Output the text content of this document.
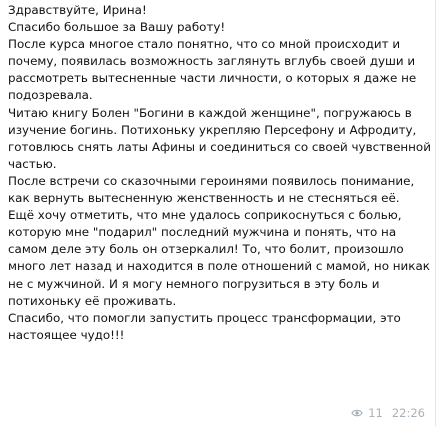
Здравствуйте, Ирина!

Спасибо большое за Вашу работу!

После курса многое стало понятно, что со мной происходит и почему, появилась возможность заглянуть вглубь своей души и рассмотреть вытесненные части личности, о которых я даже не подозревала.

Читаю книгу Болен "Богини в каждой женщине", погружаюсь в изучение богинь. Потихоньку укрепляю Персефону и Афродиту, готовлюсь снять латы Афины и соединиться со своей чувственной частью.

После встречи со сказочными героинями появилось понимание, как вернуть вытесненную женственность и не стесняться её.

Ещё хочу отметить, что мне удалось соприкоснуться с болью, которую мне "подарил" последний мужчина и понять, что на самом деле эту боль он отзеркалил! То, что болит, произошло много лет назад и находится в поле отношений с мамой, но никак не с мужчиной. И я могу немного погрузиться в эту боль и потихоньку её проживать.

Спасибо, что помогли запустить процесс трансформации, это настоящее чудо!!!

11 22:26
